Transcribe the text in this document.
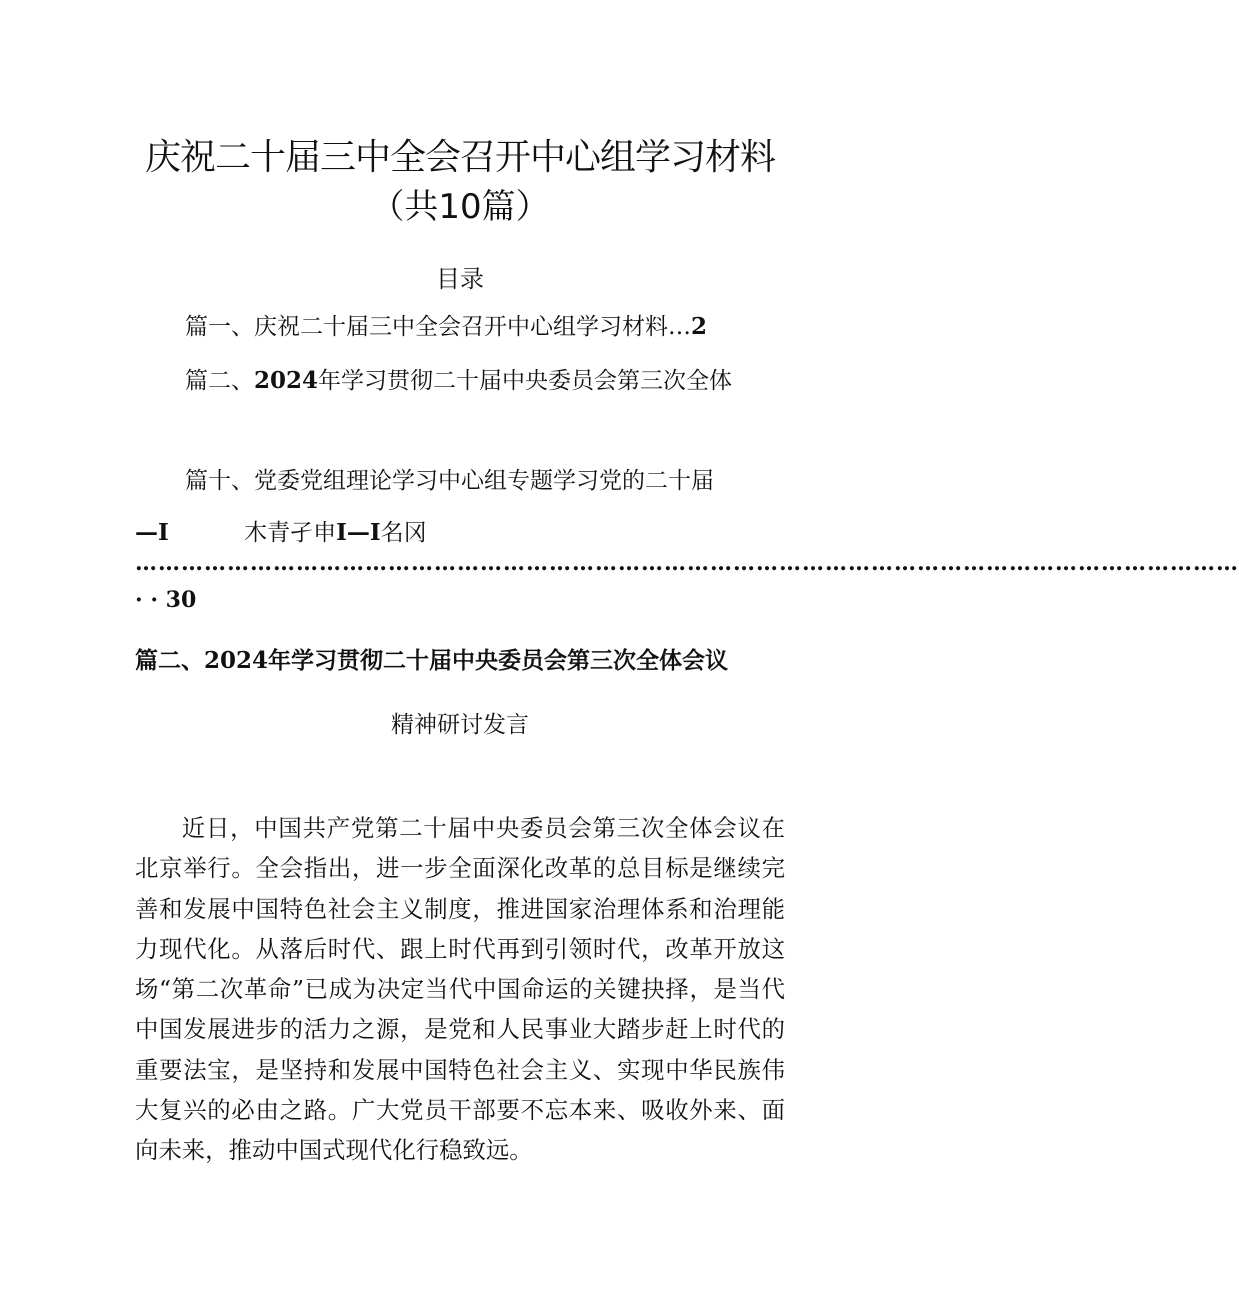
庆祝二十届三中全会召开中心组学习材料
（共10篇）
目录
篇一、庆祝二十届三中全会召开中心组学习材料…2
篇二、2024年学习贯彻二十届中央委员会第三次全体
篇十、党委党组理论学习中心组专题学习党的二十届
—I	木青孑申I—I名冈
………………………………………………………………………………………………………………………………
· · 30
篇二、2024年学习贯彻二十届中央委员会第三次全体会议
精神研讨发言

近日，中国共产党第二十届中央委员会第三次全体会议在北京举行。全会指出，进一步全面深化改革的总目标是继续完善和发展中国特色社会主义制度，推进国家治理体系和治理能力现代化。从落后时代、跟上时代再到引领时代，改革开放这场“第二次革命”已成为决定当代中国命运的关键抉择，是当代中国发展进步的活力之源，是党和人民事业大踏步赶上时代的重要法宝，是坚持和发展中国特色社会主义、实现中华民族伟大复兴的必由之路。广大党员干部要不忘本来、吸收外来、面向未来，推动中国式现代化行稳致远。
